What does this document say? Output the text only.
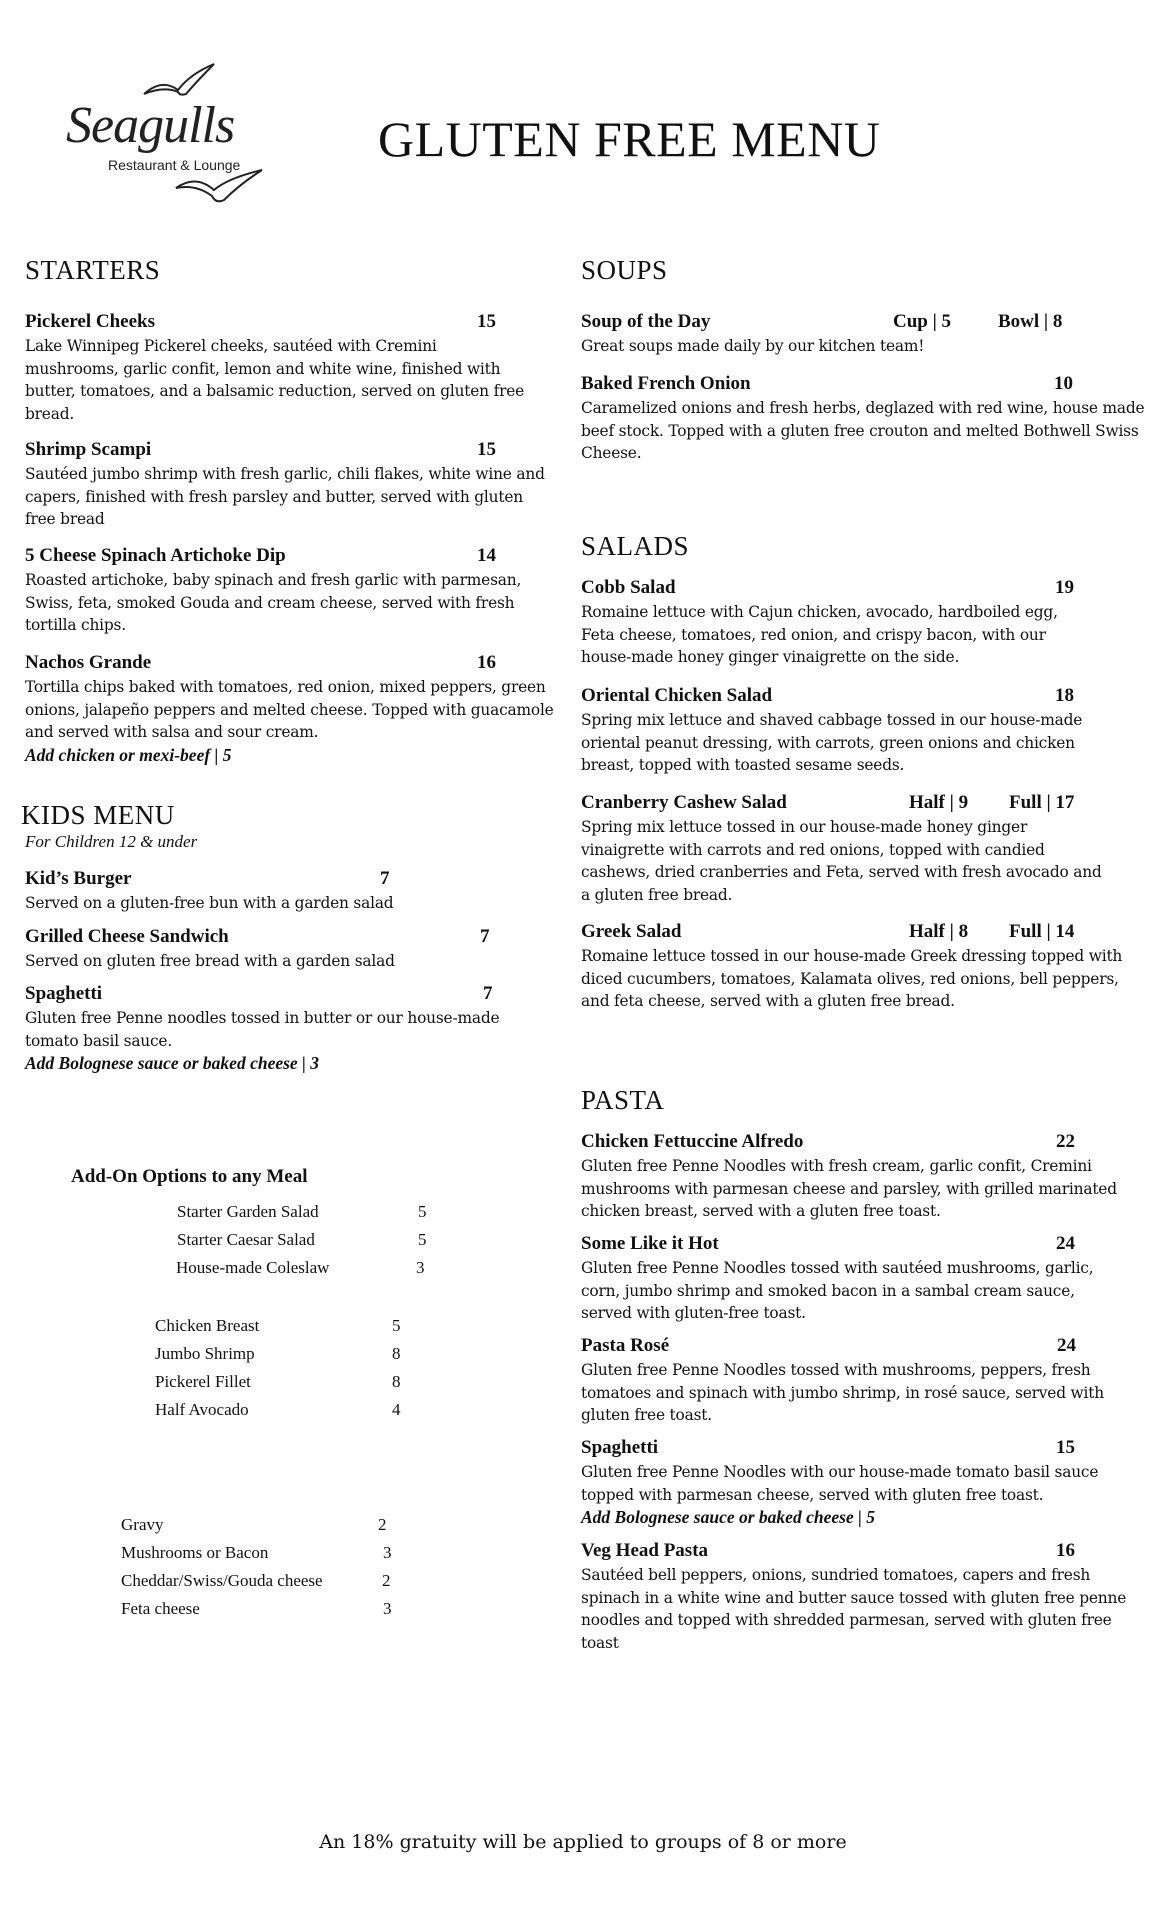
Seagulls
Restaurant & Lounge	GLUTEN FREE MENU
STARTERS
Pickerel Cheeks	15
Lake Winnipeg Pickerel cheeks, sautéed with Cremini mushrooms, garlic confit, lemon and white wine, finished with butter, tomatoes, and a balsamic reduction, served on gluten free bread.
Shrimp Scampi	15
Sautéed jumbo shrimp with fresh garlic, chili flakes, white wine and capers, finished with fresh parsley and butter, served with gluten free bread
5 Cheese Spinach Artichoke Dip	14
Roasted artichoke, baby spinach and fresh garlic with parmesan, Swiss, feta, smoked Gouda and cream cheese, served with fresh tortilla chips.
Nachos Grande	16
Tortilla chips baked with tomatoes, red onion, mixed peppers, green onions, jalapeño peppers and melted cheese. Topped with guacamole and served with salsa and sour cream.
Add chicken or mexi-beef | 5
KIDS MENU
For Children 12 & under
Kid’s Burger	7
Served on a gluten-free bun with a garden salad
Grilled Cheese Sandwich	7
Served on gluten free bread with a garden salad
Spaghetti	7
Gluten free Penne noodles tossed in butter or our house-made tomato basil sauce.
Add Bolognese sauce or baked cheese | 3
Add-On Options to any Meal
Starter Garden Salad	5
Starter Caesar Salad	5
House-made Coleslaw	3
Chicken Breast	5
Jumbo Shrimp	8
Pickerel Fillet	8
Half Avocado	4
Gravy	2
Mushrooms or Bacon	3
Cheddar/Swiss/Gouda cheese	2
Feta cheese	3
SOUPS
Soup of the Day	Cup | 5 Bowl | 8
Great soups made daily by our kitchen team!
Baked French Onion	10
Caramelized onions and fresh herbs, deglazed with red wine, house made beef stock. Topped with a gluten free crouton and melted Bothwell Swiss Cheese.
SALADS
Cobb Salad	19
Romaine lettuce with Cajun chicken, avocado, hardboiled egg, Feta cheese, tomatoes, red onion, and crispy bacon, with our house-made honey ginger vinaigrette on the side.
Oriental Chicken Salad	18
Spring mix lettuce and shaved cabbage tossed in our house-made oriental peanut dressing, with carrots, green onions and chicken breast, topped with toasted sesame seeds.
Cranberry Cashew Salad	Half | 9 Full | 17
Spring mix lettuce tossed in our house-made honey ginger vinaigrette with carrots and red onions, topped with candied cashews, dried cranberries and Feta, served with fresh avocado and a gluten free bread.
Greek Salad	Half | 8 Full | 14
Romaine lettuce tossed in our house-made Greek dressing topped with diced cucumbers, tomatoes, Kalamata olives, red onions, bell peppers, and feta cheese, served with a gluten free bread.
PASTA
Chicken Fettuccine Alfredo	22
Gluten free Penne Noodles with fresh cream, garlic confit, Cremini mushrooms with parmesan cheese and parsley, with grilled marinated chicken breast, served with a gluten free toast.
Some Like it Hot	24
Gluten free Penne Noodles tossed with sautéed mushrooms, garlic, corn, jumbo shrimp and smoked bacon in a sambal cream sauce, served with gluten-free toast.
Pasta Rosé	24
Gluten free Penne Noodles tossed with mushrooms, peppers, fresh tomatoes and spinach with jumbo shrimp, in rosé sauce, served with gluten free toast.
Spaghetti	15
Gluten free Penne Noodles with our house-made tomato basil sauce topped with parmesan cheese, served with gluten free toast.
Add Bolognese sauce or baked cheese | 5
Veg Head Pasta	16
Sautéed bell peppers, onions, sundried tomatoes, capers and fresh spinach in a white wine and butter sauce tossed with gluten free penne noodles and topped with shredded parmesan, served with gluten free toast
An 18% gratuity will be applied to groups of 8 or more
